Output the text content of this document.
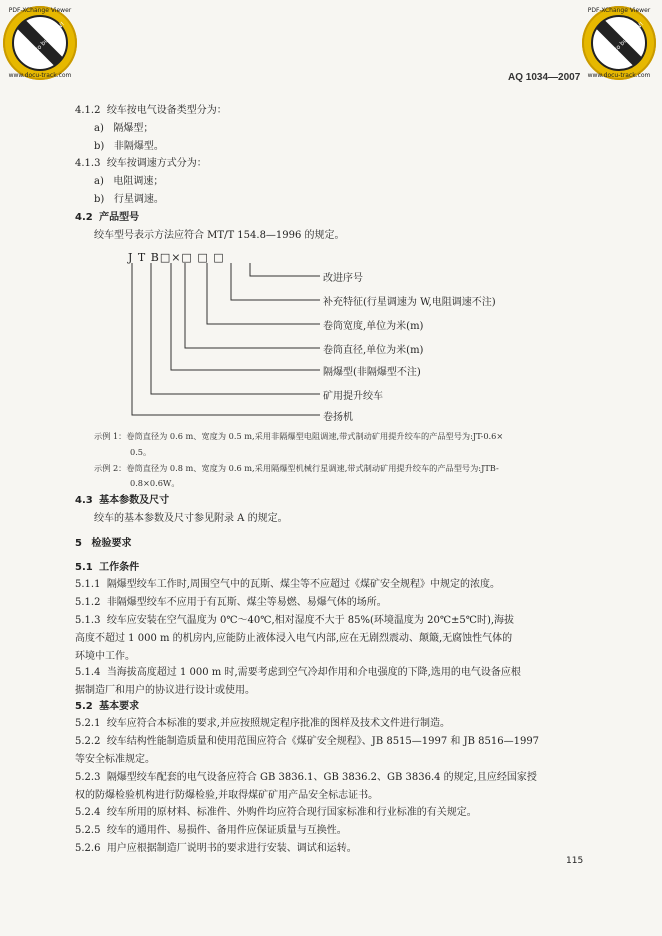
PDF-XChange Viewer
www.docu-track.com
Click to buy NOW!
PDF-XChange Viewer
www.docu-track.com
Click to buy NOW!
AQ 1034—2007
4.1.2 绞车按电气设备类型分为：
a) 隔爆型；
b) 非隔爆型。
4.1.3 绞车按调速方式分为：
a) 电阻调速；
b) 行星调速。
4.2 产品型号
绞车型号表示方法应符合 MT/T 154.8—1996 的规定。
J T B□×□ □ □
改进序号
补充特征(行星调速为 W,电阻调速不注)
卷筒宽度,单位为米(m)
卷筒直径,单位为米(m)
隔爆型(非隔爆型不注)
矿用提升绞车
卷扬机
示例 1：卷筒直径为 0.6 m、宽度为 0.5 m,采用非隔爆型电阻调速,带式制动矿用提升绞车的产品型号为:JT-0.6×
0.5。
示例 2：卷筒直径为 0.8 m、宽度为 0.6 m,采用隔爆型机械行星调速,带式制动矿用提升绞车的产品型号为:JTB-
0.8×0.6W。
4.3 基本参数及尺寸
绞车的基本参数及尺寸参见附录 A 的规定。
5 检验要求
5.1 工作条件
5.1.1 隔爆型绞车工作时,周围空气中的瓦斯、煤尘等不应超过《煤矿安全规程》中规定的浓度。
5.1.2 非隔爆型绞车不应用于有瓦斯、煤尘等易燃、易爆气体的场所。
5.1.3 绞车应安装在空气温度为 0℃～40℃,相对湿度不大于 85%(环境温度为 20℃±5℃时),海拔
高度不超过 1 000 m 的机房内,应能防止液体浸入电气内部,应在无剧烈震动、颠簸,无腐蚀性气体的
环境中工作。
5.1.4 当海拔高度超过 1 000 m 时,需要考虑到空气冷却作用和介电强度的下降,选用的电气设备应根
据制造厂和用户的协议进行设计或使用。
5.2 基本要求
5.2.1 绞车应符合本标准的要求,并应按照规定程序批准的图样及技术文件进行制造。
5.2.2 绞车结构性能制造质量和使用范围应符合《煤矿安全规程》、JB 8515—1997 和 JB 8516—1997
等安全标准规定。
5.2.3 隔爆型绞车配套的电气设备应符合 GB 3836.1、GB 3836.2、GB 3836.4 的规定,且应经国家授
权的防爆检验机构进行防爆检验,并取得煤矿矿用产品安全标志证书。
5.2.4 绞车所用的原材料、标准件、外购件均应符合现行国家标准和行业标准的有关规定。
5.2.5 绞车的通用件、易损件、备用件应保证质量与互换性。
5.2.6 用户应根据制造厂说明书的要求进行安装、调试和运转。
115
